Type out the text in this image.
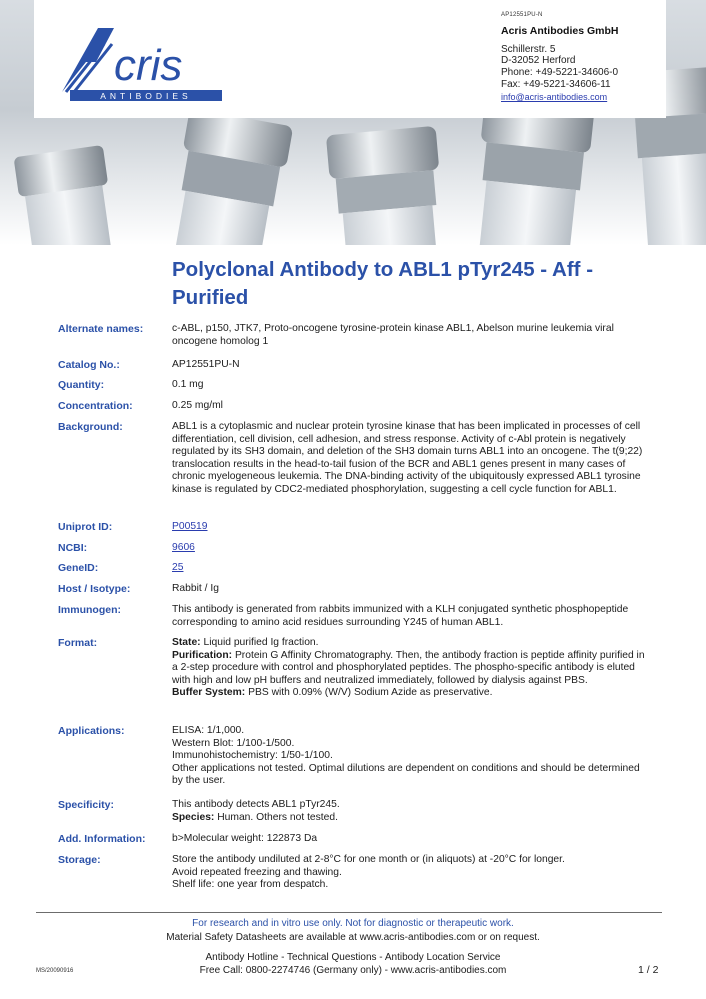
cris
ANTIBODIES
AP12551PU-N
Acris Antibodies GmbH
Schillerstr. 5
D-32052 Herford
Phone: +49-5221-34606-0
Fax: +49-5221-34606-11
info@acris-antibodies.com
Polyclonal Antibody to ABL1 pTyr245 - Aff - Purified
Alternate names:	c-ABL, p150, JTK7, Proto-oncogene tyrosine-protein kinase ABL1, Abelson murine leukemia viral oncogene homolog 1
Catalog No.:	AP12551PU-N
Quantity:	0.1 mg
Concentration:	0.25 mg/ml
Background:	ABL1 is a cytoplasmic and nuclear protein tyrosine kinase that has been implicated in processes of cell differentiation, cell division, cell adhesion, and stress response. Activity of c-Abl protein is negatively regulated by its SH3 domain, and deletion of the SH3 domain turns ABL1 into an oncogene. The t(9;22) translocation results in the head-to-tail fusion of the BCR and ABL1 genes present in many cases of chronic myelogeneous leukemia. The DNA-binding activity of the ubiquitously expressed ABL1 tyrosine kinase is regulated by CDC2-mediated phosphorylation, suggesting a cell cycle function for ABL1.
Uniprot ID:	P00519
NCBI:	9606
GeneID:	25
Host / Isotype:	Rabbit / Ig
Immunogen:	This antibody is generated from rabbits immunized with a KLH conjugated synthetic phosphopeptide corresponding to amino acid residues surrounding Y245 of human ABL1.
Format:	State: Liquid purified Ig fraction.

Purification: Protein G Affinity Chromatography. Then, the antibody fraction is peptide affinity purified in a 2-step procedure with control and phosphorylated peptides. The phospho-specific antibody is eluted with high and low pH buffers and neutralized immediately, followed by dialysis against PBS.

Buffer System: PBS with 0.09% (W/V) Sodium Azide as preservative.

Applications:	ELISA: 1/1,000.

Western Blot: 1/100-1/500.

Immunohistochemistry: 1/50-1/100.

Other applications not tested. Optimal dilutions are dependent on conditions and should be determined by the user.

Specificity:	This antibody detects ABL1 pTyr245.

Species: Human. Others not tested.

Add. Information:	b>Molecular weight: 122873 Da
Storage:	Store the antibody undiluted at 2-8°C for one month or (in aliquots) at -20°C for longer.

Avoid repeated freezing and thawing.

Shelf life: one year from despatch.

For research and in vitro use only. Not for diagnostic or therapeutic work.
Material Safety Datasheets are available at www.acris-antibodies.com or on request.
Antibody Hotline - Technical Questions - Antibody Location Service
Free Call: 0800-2274746 (Germany only) - www.acris-antibodies.com
MS/20090916	1 / 2
